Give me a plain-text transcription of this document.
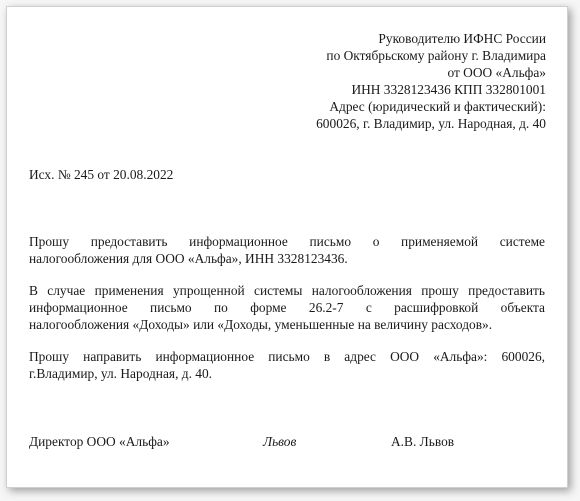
Руководителю ИФНС России
по Октябрьскому району г. Владимира
от ООО «Альфа»
ИНН 3328123436 КПП 332801001
Адрес (юридический и фактический):
600026, г. Владимир, ул. Народная, д. 40
Исх. № 245 от 20.08.2022
Прошу предоставить информационное письмо о применяемой системе
налогообложения для ООО «Альфа», ИНН 3328123436.
В случае применения упрощенной системы налогообложения прошу предоставить
информационное письмо по форме 26.2-7 с расшифровкой объекта
налогообложения «Доходы» или «Доходы, уменьшенные на величину расходов».
Прошу направить информационное письмо в адрес ООО «Альфа»: 600026,
г.Владимир, ул. Народная, д. 40.
Директор ООО «Альфа»	Львов	А.В. Львов
